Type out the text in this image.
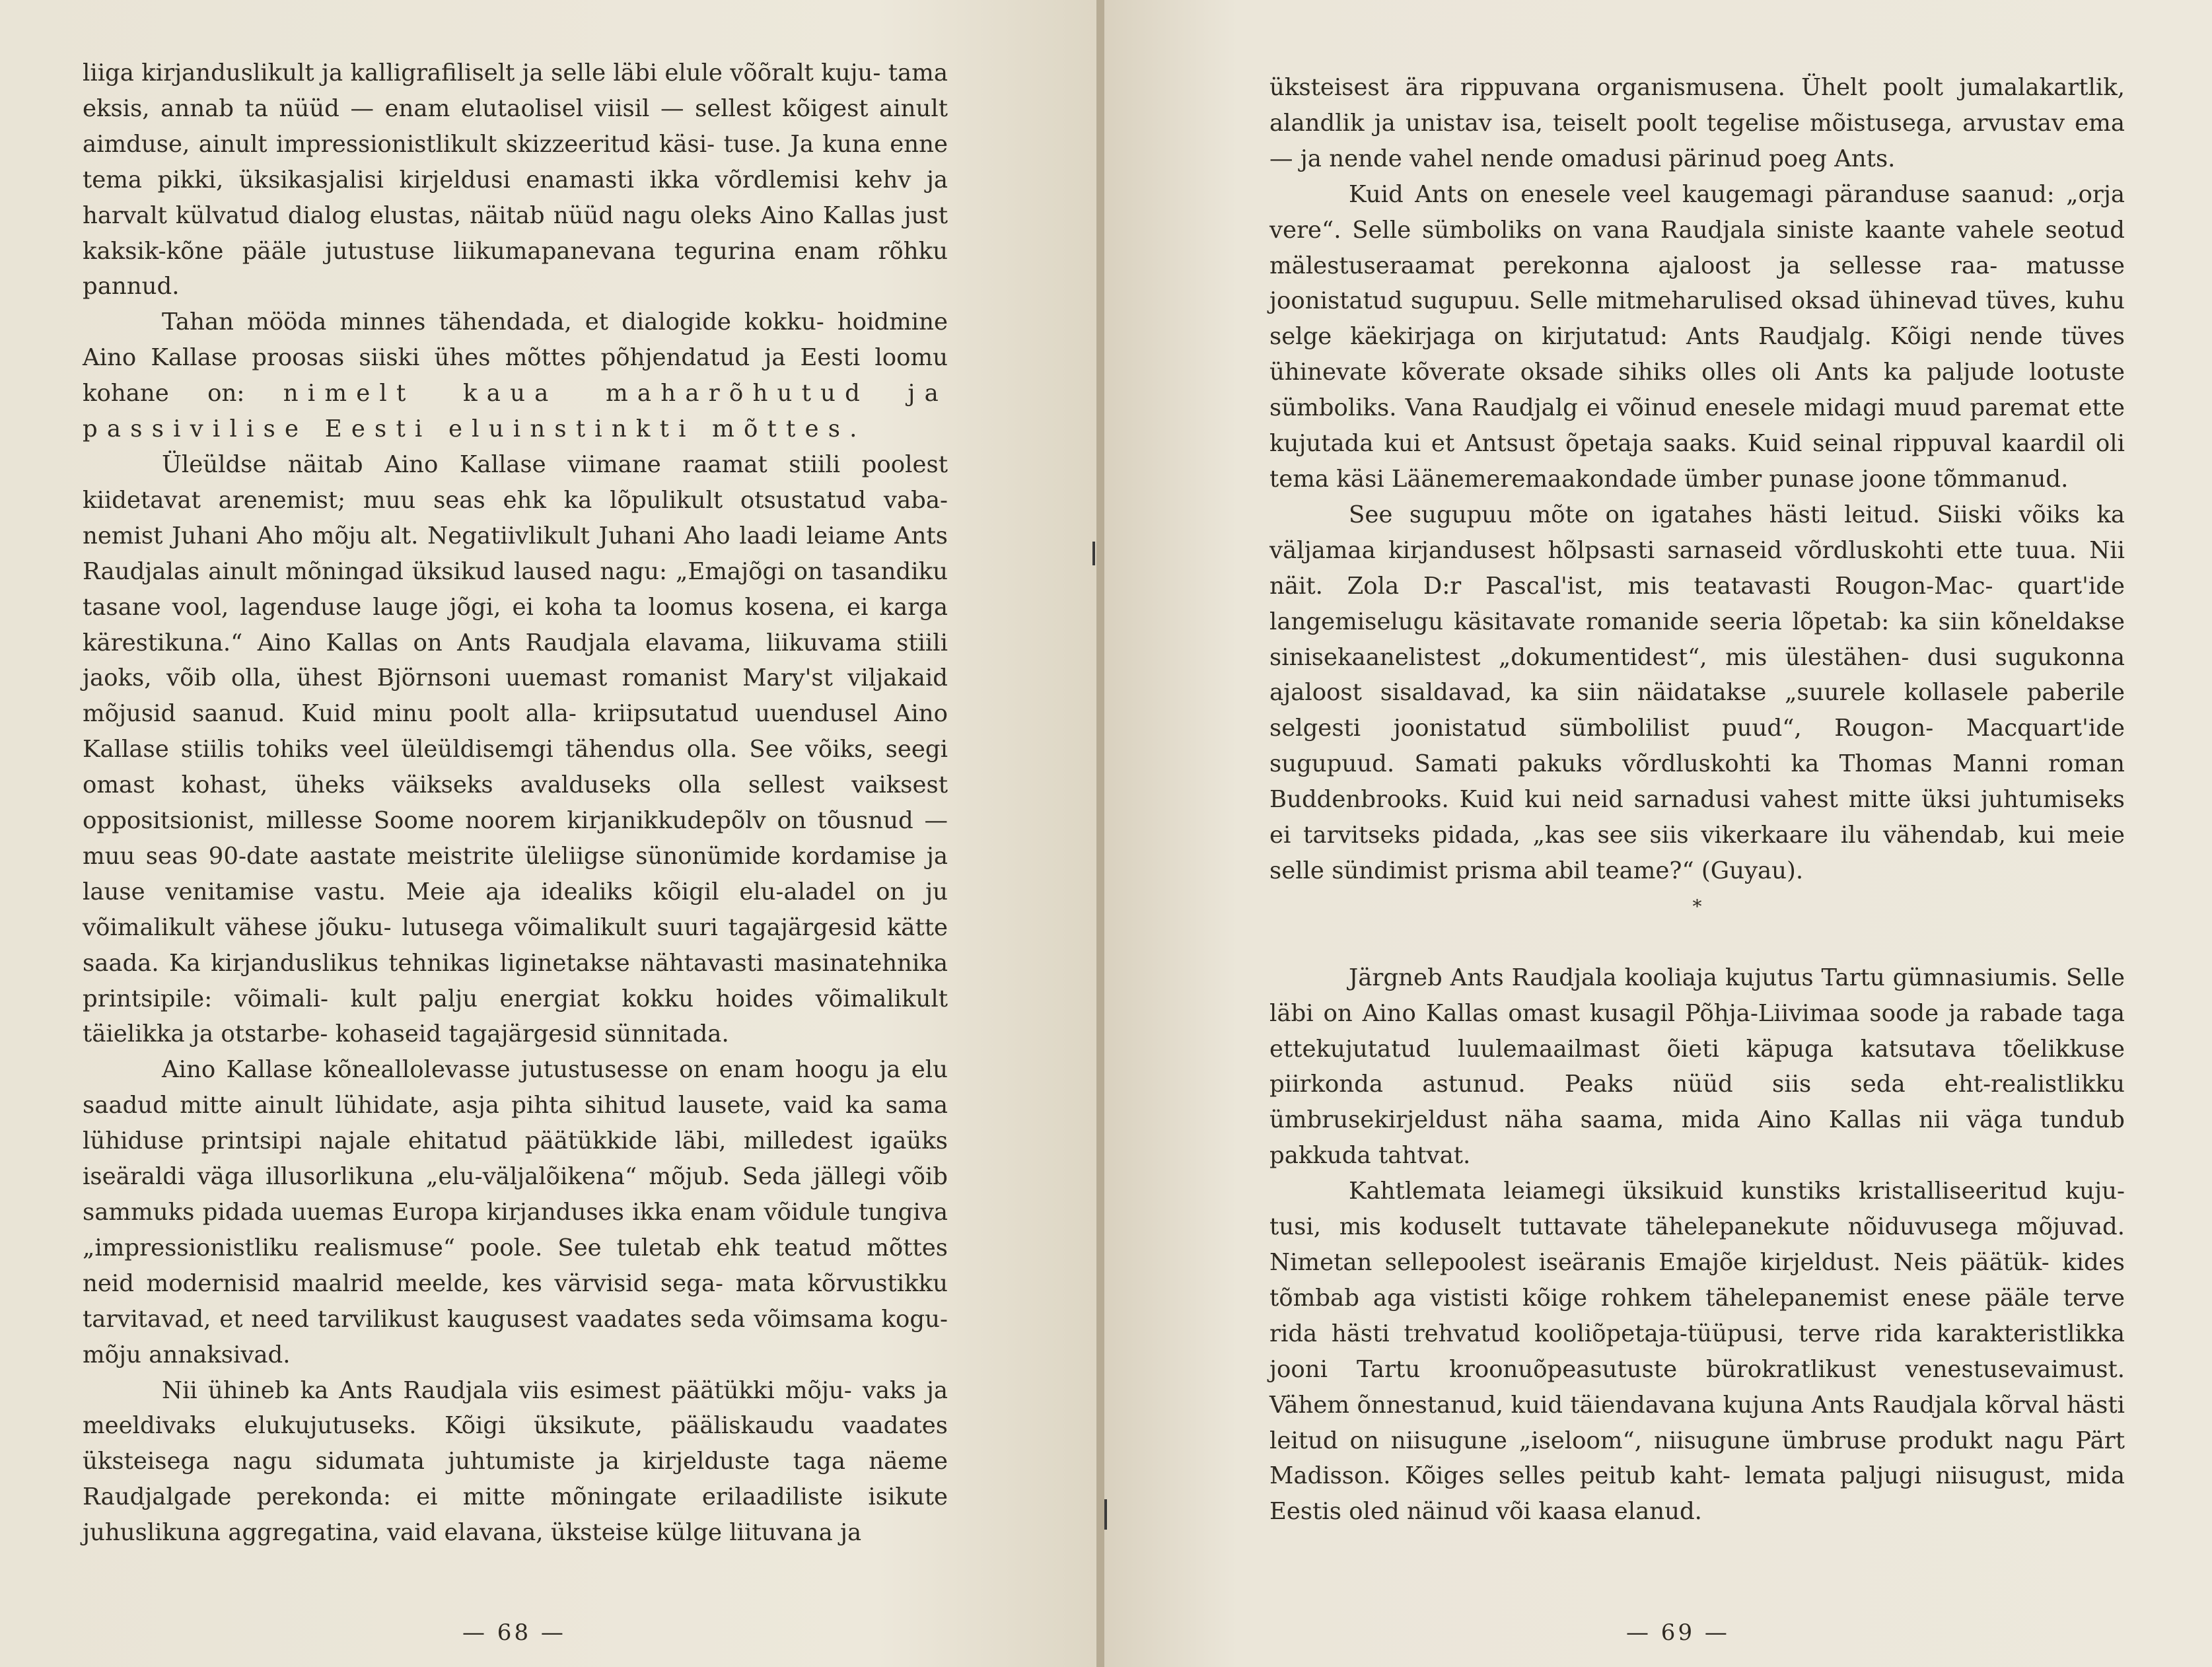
liiga kirjanduslikult ja kalligrafiliselt ja selle läbi elule võõralt kuju- tama eksis, annab ta nüüd — enam elutaolisel viisil — sellest kõigest ainult aimduse, ainult impressionistlikult skizzeeritud käsi- tuse. Ja kuna enne tema pikki, üksikasjalisi kirjeldusi enamasti ikka võrdlemisi kehv ja harvalt külvatud dialog elustas, näitab nüüd nagu oleks Aino Kallas just kaksik-kõne pääle jutustuse liikumapanevana tegurina enam rõhku pannud.

Tahan mööda minnes tähendada, et dialogide kokku- hoidmine Aino Kallase proosas siiski ühes mõttes põhjendatud ja Eesti loomu kohane on: nimelt kaua maharõhutud ja passivilise Eesti eluinstinkti mõttes.

Üleüldse näitab Aino Kallase viimane raamat stiili poolest kiidetavat arenemist; muu seas ehk ka lõpulikult otsustatud vaba- nemist Juhani Aho mõju alt. Negatiivlikult Juhani Aho laadi leiame Ants Raudjalas ainult mõningad üksikud laused nagu: „Emajõgi on tasandiku tasane vool, lagenduse lauge jõgi, ei koha ta loomus kosena, ei karga kärestikuna.“ Aino Kallas on Ants Raudjala elavama, liikuvama stiili jaoks, võib olla, ühest Björnsoni uuemast romanist Mary'st viljakaid mõjusid saanud. Kuid minu poolt alla- kriipsutatud uuendusel Aino Kallase stiilis tohiks veel üleüldisemgi tähendus olla. See võiks, seegi omast kohast, üheks väikseks avalduseks olla sellest vaiksest oppositsionist, millesse Soome noorem kirjanikkudepõlv on tõusnud — muu seas 90-date aastate meistrite üleliigse sünonümide kordamise ja lause venitamise vastu. Meie aja idealiks kõigil elu-aladel on ju võimalikult vähese jõuku- lutusega võimalikult suuri tagajärgesid kätte saada. Ka kirjanduslikus tehnikas liginetakse nähtavasti masinatehnika printsipile: võimali- kult palju energiat kokku hoides võimalikult täielikka ja otstarbe- kohaseid tagajärgesid sünnitada.

Aino Kallase kõneallolevasse jutustusesse on enam hoogu ja elu saadud mitte ainult lühidate, asja pihta sihitud lausete, vaid ka sama lühiduse printsipi najale ehitatud päätükkide läbi, milledest igaüks iseäraldi väga illusorlikuna „elu-väljalõikena“ mõjub. Seda jällegi võib sammuks pidada uuemas Europa kirjanduses ikka enam võidule tungiva „impressionistliku realismuse“ poole. See tuletab ehk teatud mõttes neid modernisid maalrid meelde, kes värvisid sega- mata kõrvustikku tarvitavad, et need tarvilikust kaugusest vaadates seda võimsama kogu-mõju annaksivad.

Nii ühineb ka Ants Raudjala viis esimest päätükki mõju- vaks ja meeldivaks elukujutuseks. Kõigi üksikute, pääliskaudu vaadates üksteisega nagu sidumata juhtumiste ja kirjelduste taga näeme Raudjalgade perekonda: ei mitte mõningate erilaadiliste isikute juhuslikuna aggregatina, vaid elavana, üksteise külge liituvana ja

— 68 —

üksteisest ära rippuvana organismusena. Ühelt poolt jumalakartlik, alandlik ja unistav isa, teiselt poolt tegelise mõistusega, arvustav ema — ja nende vahel nende omadusi pärinud poeg Ants.

Kuid Ants on enesele veel kaugemagi päranduse saanud: „orja vere“. Selle sümboliks on vana Raudjala siniste kaante vahele seotud mälestuseraamat perekonna ajaloost ja sellesse raa- matusse joonistatud sugupuu. Selle mitmeharulised oksad ühinevad tüves, kuhu selge käekirjaga on kirjutatud: Ants Raudjalg. Kõigi nende tüves ühinevate kõverate oksade sihiks olles oli Ants ka paljude lootuste sümboliks. Vana Raudjalg ei võinud enesele midagi muud paremat ette kujutada kui et Antsust õpetaja saaks. Kuid seinal rippuval kaardil oli tema käsi Läänemeremaakondade ümber punase joone tõmmanud.

See sugupuu mõte on igatahes hästi leitud. Siiski võiks ka väljamaa kirjandusest hõlpsasti sarnaseid võrdluskohti ette tuua. Nii näit. Zola D:r Pascal'ist, mis teatavasti Rougon-Mac- quart'ide langemiselugu käsitavate romanide seeria lõpetab: ka siin kõneldakse sinisekaanelistest „dokumentidest“, mis ülestähen- dusi sugukonna ajaloost sisaldavad, ka siin näidatakse „suurele kollasele paberile selgesti joonistatud sümbolilist puud“, Rougon- Macquart'ide sugupuud. Samati pakuks võrdluskohti ka Thomas Manni roman Buddenbrooks. Kuid kui neid sarnadusi vahest mitte üksi juhtumiseks ei tarvitseks pidada, „kas see siis vikerkaare ilu vähendab, kui meie selle sündimist prisma abil teame?“ (Guyau).

*

Järgneb Ants Raudjala kooliaja kujutus Tartu gümnasiumis. Selle läbi on Aino Kallas omast kusagil Põhja-Liivimaa soode ja rabade taga ettekujutatud luulemaailmast õieti käpuga katsutava tõelikkuse piirkonda astunud. Peaks nüüd siis seda eht-realistlikku ümbrusekirjeldust näha saama, mida Aino Kallas nii väga tundub pakkuda tahtvat.

Kahtlemata leiamegi üksikuid kunstiks kristalliseeritud kuju- tusi, mis koduselt tuttavate tähelepanekute nõiduvusega mõjuvad. Nimetan sellepoolest iseäranis Emajõe kirjeldust. Neis päätük- kides tõmbab aga vististi kõige rohkem tähelepanemist enese pääle terve rida hästi trehvatud kooliõpetaja-tüüpusi, terve rida karakteristlikka jooni Tartu kroonuõpeasutuste bürokratlikust venestusevaimust. Vähem õnnestanud, kuid täiendavana kujuna Ants Raudjala kõrval hästi leitud on niisugune „iseloom“, niisugune ümbruse produkt nagu Pärt Madisson. Kõiges selles peitub kaht- lemata paljugi niisugust, mida Eestis oled näinud või kaasa elanud.

— 69 —
